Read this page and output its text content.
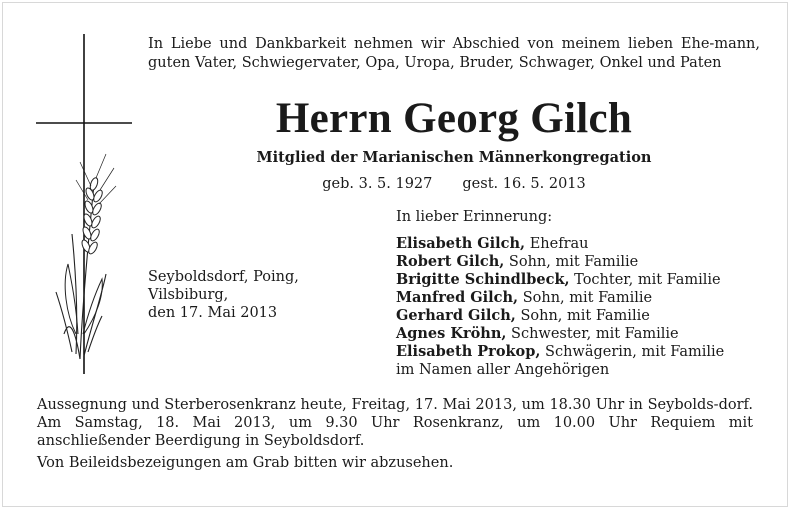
In Liebe und Dankbarkeit nehmen wir Abschied von meinem lieben Ehe-mann, guten Vater, Schwiegervater, Opa, Uropa, Bruder, Schwager, Onkel und Paten
Herrn Georg Gilch
Mitglied der Marianischen Männerkongregation
geb. 3. 5. 1927 gest. 16. 5. 2013
Seyboldsdorf, Poing,
Vilsbiburg,
den 17. Mai 2013
In lieber Erinnerung:
Elisabeth Gilch, Ehefrau
Robert Gilch, Sohn, mit Familie
Brigitte Schindlbeck, Tochter, mit Familie
Manfred Gilch, Sohn, mit Familie
Gerhard Gilch, Sohn, mit Familie
Agnes Kröhn, Schwester, mit Familie
Elisabeth Prokop, Schwägerin, mit Familie
im Namen aller Angehörigen

Aussegnung und Sterberosenkranz heute, Freitag, 17. Mai 2013, um 18.30 Uhr in Seybolds-dorf. Am Samstag, 18. Mai 2013, um 9.30 Uhr Rosenkranz, um 10.00 Uhr Requiem mit anschließender Beerdigung in Seyboldsdorf.

Von Beileidsbezeigungen am Grab bitten wir abzusehen.
